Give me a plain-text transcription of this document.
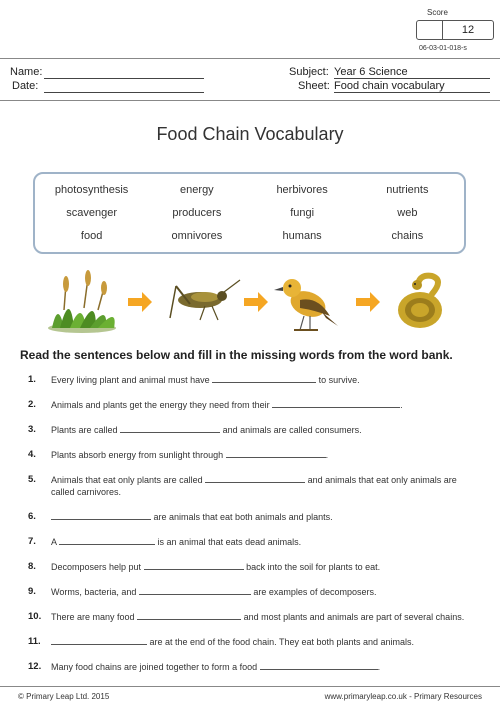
Score
12
06-03-01-018-s
Name:
Date:
Subject: Year 6 Science
Sheet: Food chain vocabulary
Food Chain Vocabulary
photosynthesis	energy	herbivores	nutrients
scavenger	producers	fungi	web
food	omnivores	humans	chains
Read the sentences below and fill in the missing words from the word bank.
1. Every living plant and animal must have	to survive.
2. Animals and plants get the energy they need from their	.
3. Plants are called	and animals are called consumers.
4. Plants absorb energy from sunlight through	.
5. Animals that eat only plants are called	and animals that eat only animals are called carnivores.
6.	are animals that eat both animals and plants.
7. A	is an animal that eats dead animals.
8. Decomposers help put	back into the soil for plants to eat.
9. Worms, bacteria, and	are examples of decomposers.
10. There are many food	and most plants and animals are part of several chains.
11.	are at the end of the food chain. They eat both plants and animals.
12. Many food chains are joined together to form a food	.
© Primary Leap Ltd. 2015	www.primaryleap.co.uk - Primary Resources
